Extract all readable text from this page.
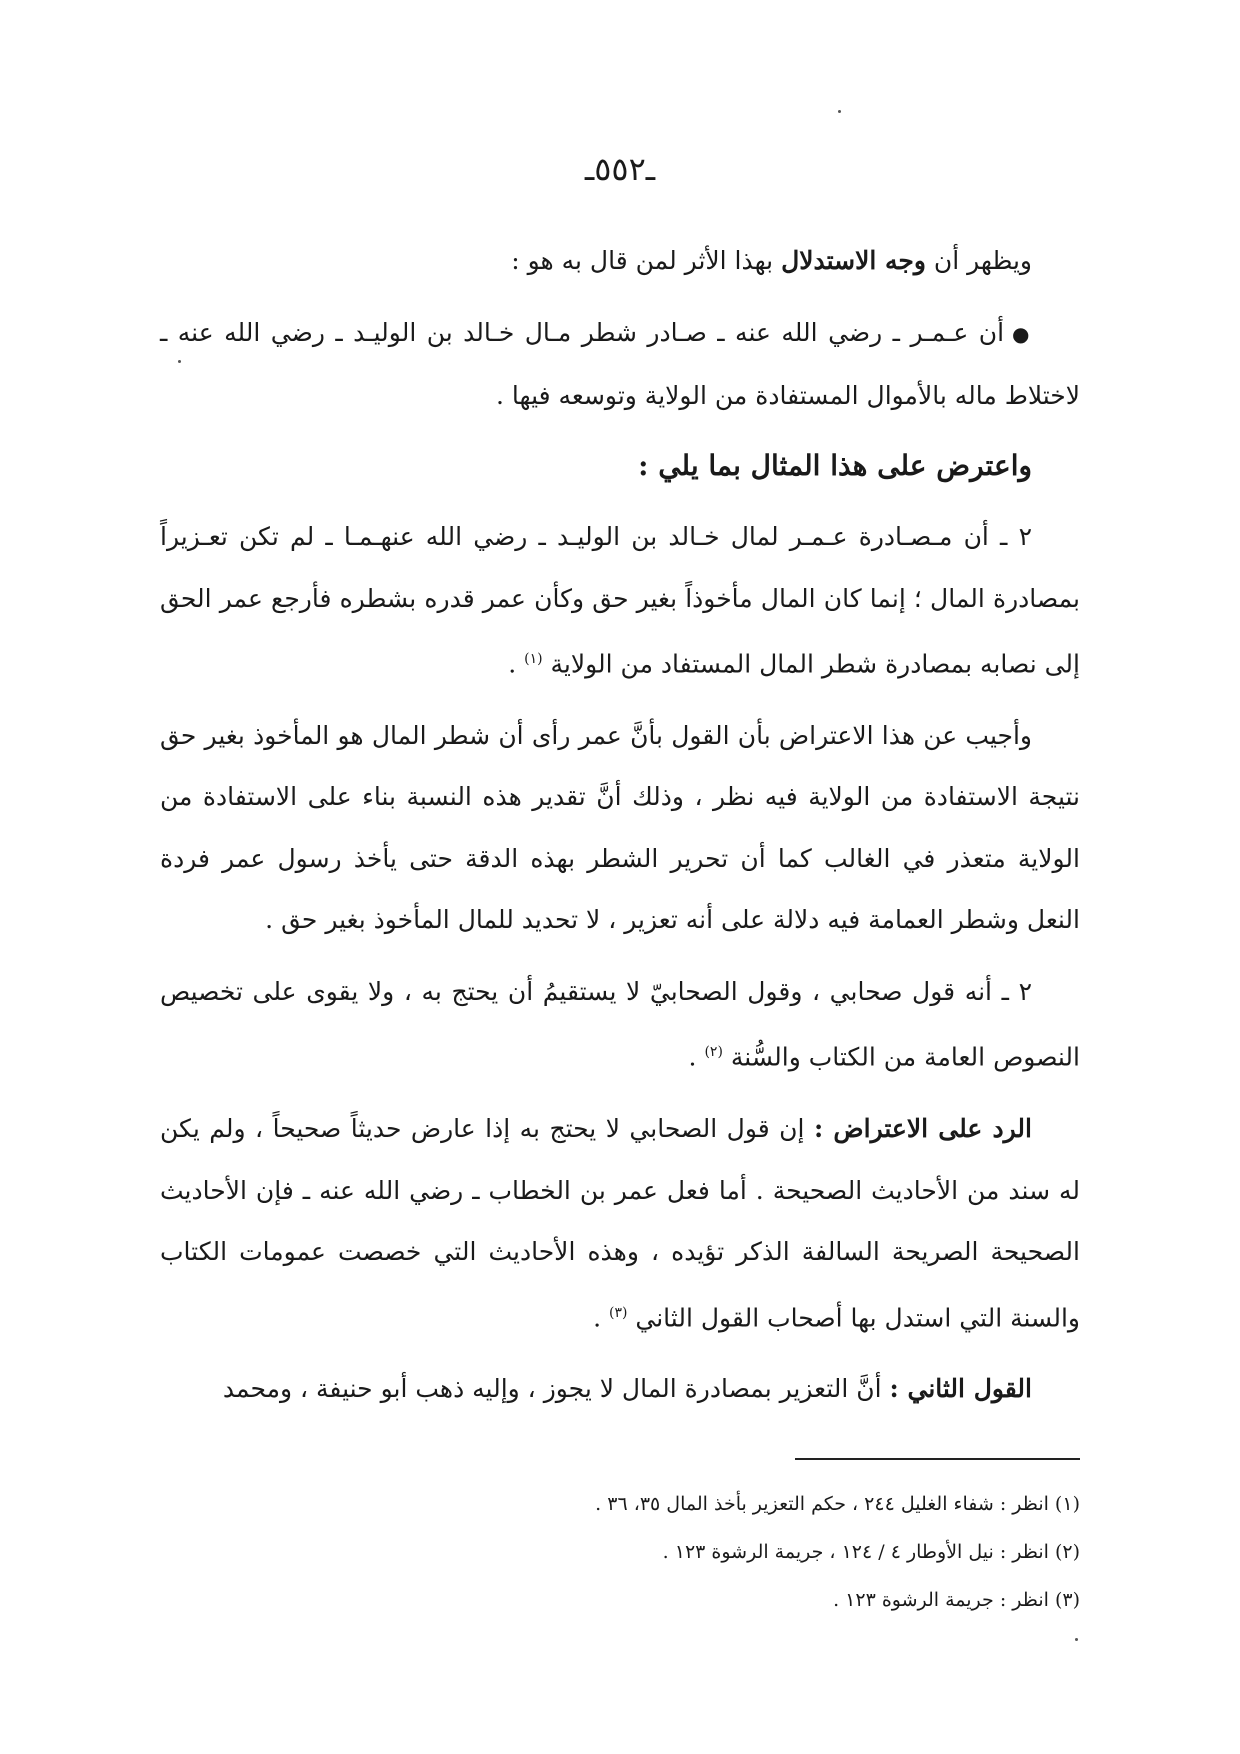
ـ٥٥٢ـ

ويظهر أن وجه الاستدلال بهذا الأثر لمن قال به هو :

●أن عـمـر ـ رضي الله عنه ـ صـادر شطر مـال خـالد بن الوليـد ـ رضي الله عنه ـ لاختلاط ماله بالأموال المستفادة من الولاية وتوسعه فيها .

واعترض على هذا المثال بما يلي :

٢ ـ أن مـصـادرة عـمـر لمال خـالد بن الوليـد ـ رضي الله عنهـمـا ـ لم تكن تعـزيراً بمصادرة المال ؛ إنما كان المال مأخوذاً بغير حق وكأن عمر قدره بشطره فأرجع عمر الحق إلى نصابه بمصادرة شطر المال المستفاد من الولاية $^{(١)}$ .

وأجيب عن هذا الاعتراض بأن القول بأنَّ عمر رأى أن شطر المال هو المأخوذ بغير حق نتيجة الاستفادة من الولاية فيه نظر ، وذلك أنَّ تقدير هذه النسبة بناء على الاستفادة من الولاية متعذر في الغالب كما أن تحرير الشطر بهذه الدقة حتى يأخذ رسول عمر فردة النعل وشطر العمامة فيه دلالة على أنه تعزير ، لا تحديد للمال المأخوذ بغير حق .

٢ ـ أنه قول صحابي ، وقول الصحابيّ لا يستقيمُ أن يحتج به ، ولا يقوى على تخصيص النصوص العامة من الكتاب والسُّنة $^{(٢)}$ .

الرد على الاعتراض : إن قول الصحابي لا يحتج به إذا عارض حديثاً صحيحاً ، ولم يكن له سند من الأحاديث الصحيحة . أما فعل عمر بن الخطاب ـ رضي الله عنه ـ فإن الأحاديث الصحيحة الصريحة السالفة الذكر تؤيده ، وهذه الأحاديث التي خصصت عمومات الكتاب والسنة التي استدل بها أصحاب القول الثاني $^{(٣)}$ .

القول الثاني : أنَّ التعزير بمصادرة المال لا يجوز ، وإليه ذهب أبو حنيفة ، ومحمد

(١) انظر : شفاء الغليل ٢٤٤ ، حكم التعزير بأخذ المال ٣٥، ٣٦ .

(٢) انظر : نيل الأوطار ٤ / ١٢٤ ، جريمة الرشوة ١٢٣ .

(٣) انظر : جريمة الرشوة ١٢٣ .
